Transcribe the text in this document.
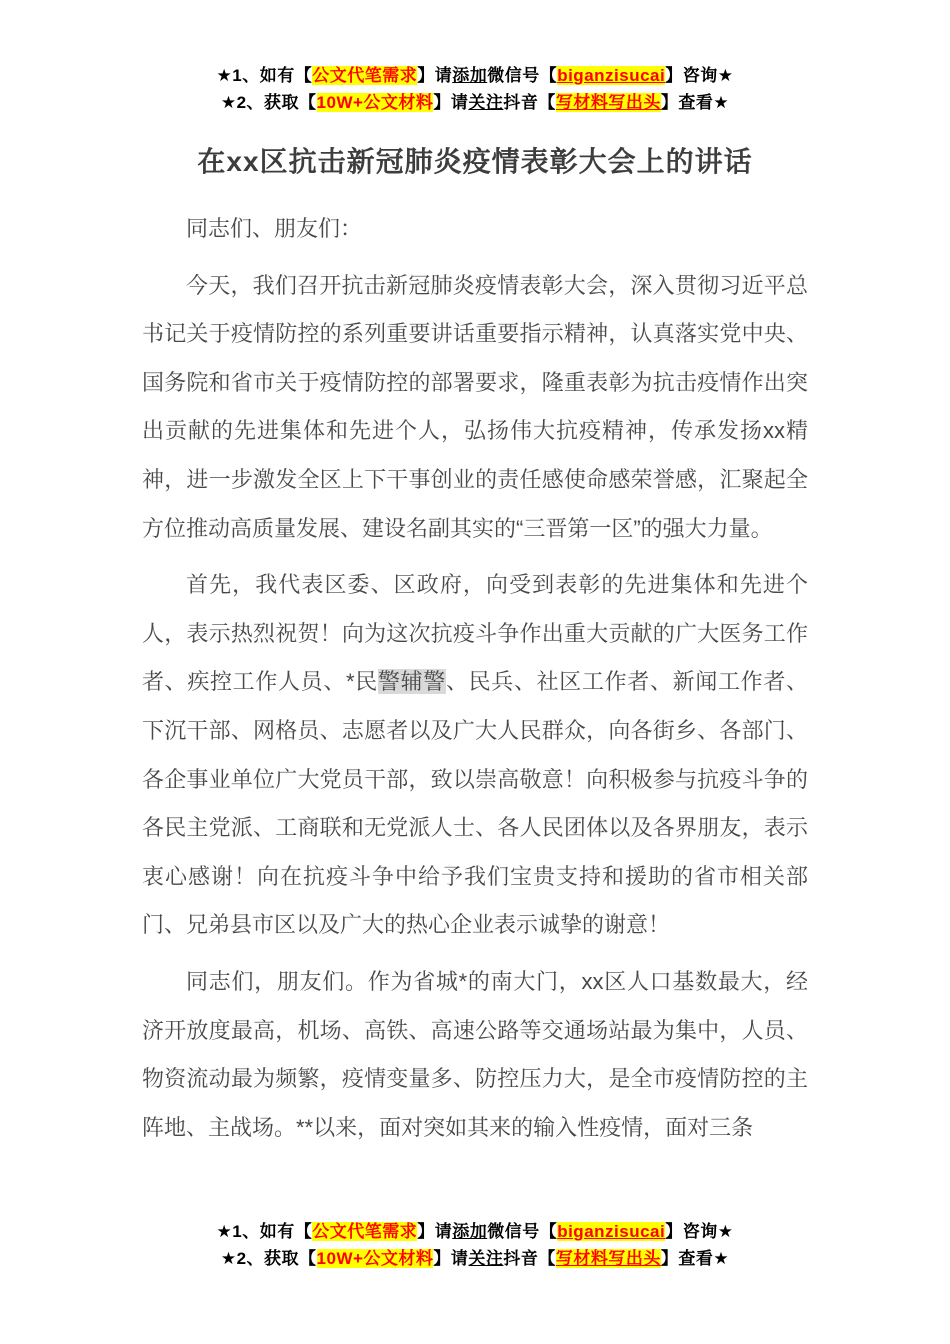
★1、如有【公文代笔需求】请添加微信号【biganzisucai】咨询★
★2、获取【10W+公文材料】请关注抖音【写材料写出头】查看★
在xx区抗击新冠肺炎疫情表彰大会上的讲话

同志们、朋友们：

今天，我们召开抗击新冠肺炎疫情表彰大会，深入贯彻习近平总书记关于疫情防控的系列重要讲话重要指示精神，认真落实党中央、国务院和省市关于疫情防控的部署要求，隆重表彰为抗击疫情作出突出贡献的先进集体和先进个人，弘扬伟大抗疫精神，传承发扬xx精神，进一步激发全区上下干事创业的责任感使命感荣誉感，汇聚起全方位推动高质量发展、建设名副其实的“三晋第一区”的强大力量。

首先，我代表区委、区政府，向受到表彰的先进集体和先进个人，表示热烈祝贺！向为这次抗疫斗争作出重大贡献的广大医务工作者、疾控工作人员、*民警辅警、民兵、社区工作者、新闻工作者、下沉干部、网格员、志愿者以及广大人民群众，向各街乡、各部门、各企事业单位广大党员干部，致以崇高敬意！向积极参与抗疫斗争的各民主党派、工商联和无党派人士、各人民团体以及各界朋友，表示衷心感谢！向在抗疫斗争中给予我们宝贵支持和援助的省市相关部门、兄弟县市区以及广大的热心企业表示诚挚的谢意！

同志们，朋友们。作为省城*的南大门，xx区人口基数最大，经济开放度最高，机场、高铁、高速公路等交通场站最为集中，人员、物资流动最为频繁，疫情变量多、防控压力大，是全市疫情防控的主阵地、主战场。**以来，面对突如其来的输入性疫情，面对三条

★1、如有【公文代笔需求】请添加微信号【biganzisucai】咨询★
★2、获取【10W+公文材料】请关注抖音【写材料写出头】查看★
